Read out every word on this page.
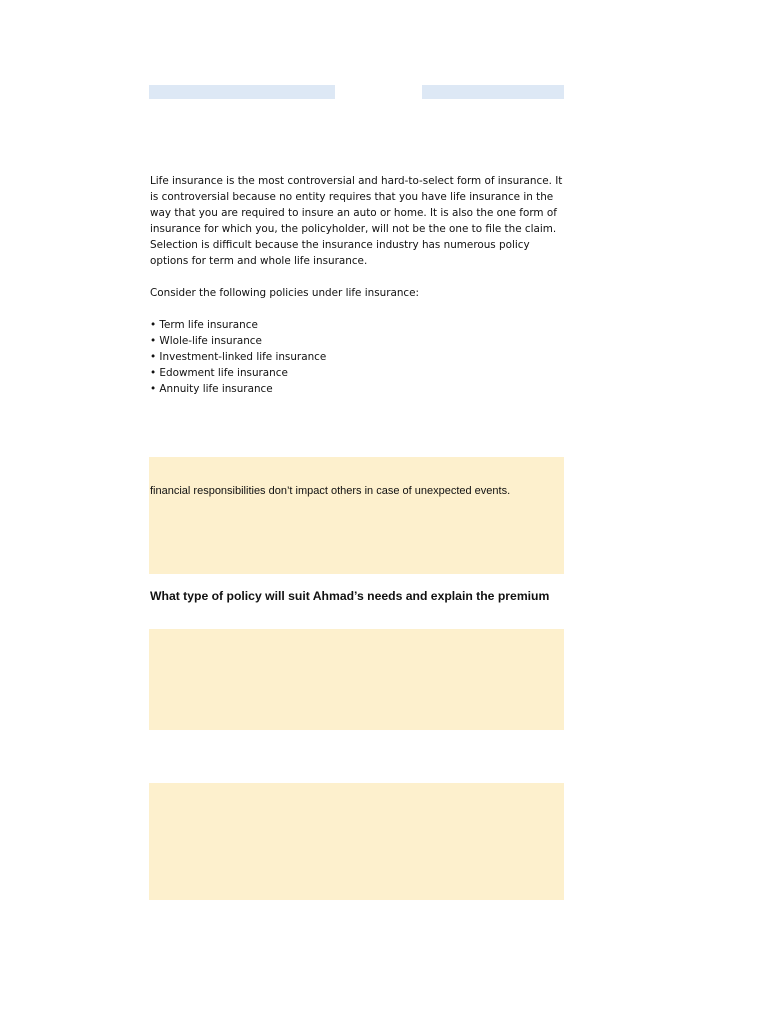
Life insurance is the most controversial and hard-to-select form of insurance. It is controversial because no entity requires that you have life insurance in the way that you are required to insure an auto or home. It is also the one form of insurance for which you, the policyholder, will not be the one to file the claim. Selection is difficult because the insurance industry has numerous policy options for term and whole life insurance.

Consider the following policies under life insurance:

• Term life insurance
• Wlole-life insurance
• Investment-linked life insurance
• Edowment life insurance
• Annuity life insurance
financial responsibilities don’t impact others in case of unexpected events.
What type of policy will suit Ahmad’s needs and explain the premium
